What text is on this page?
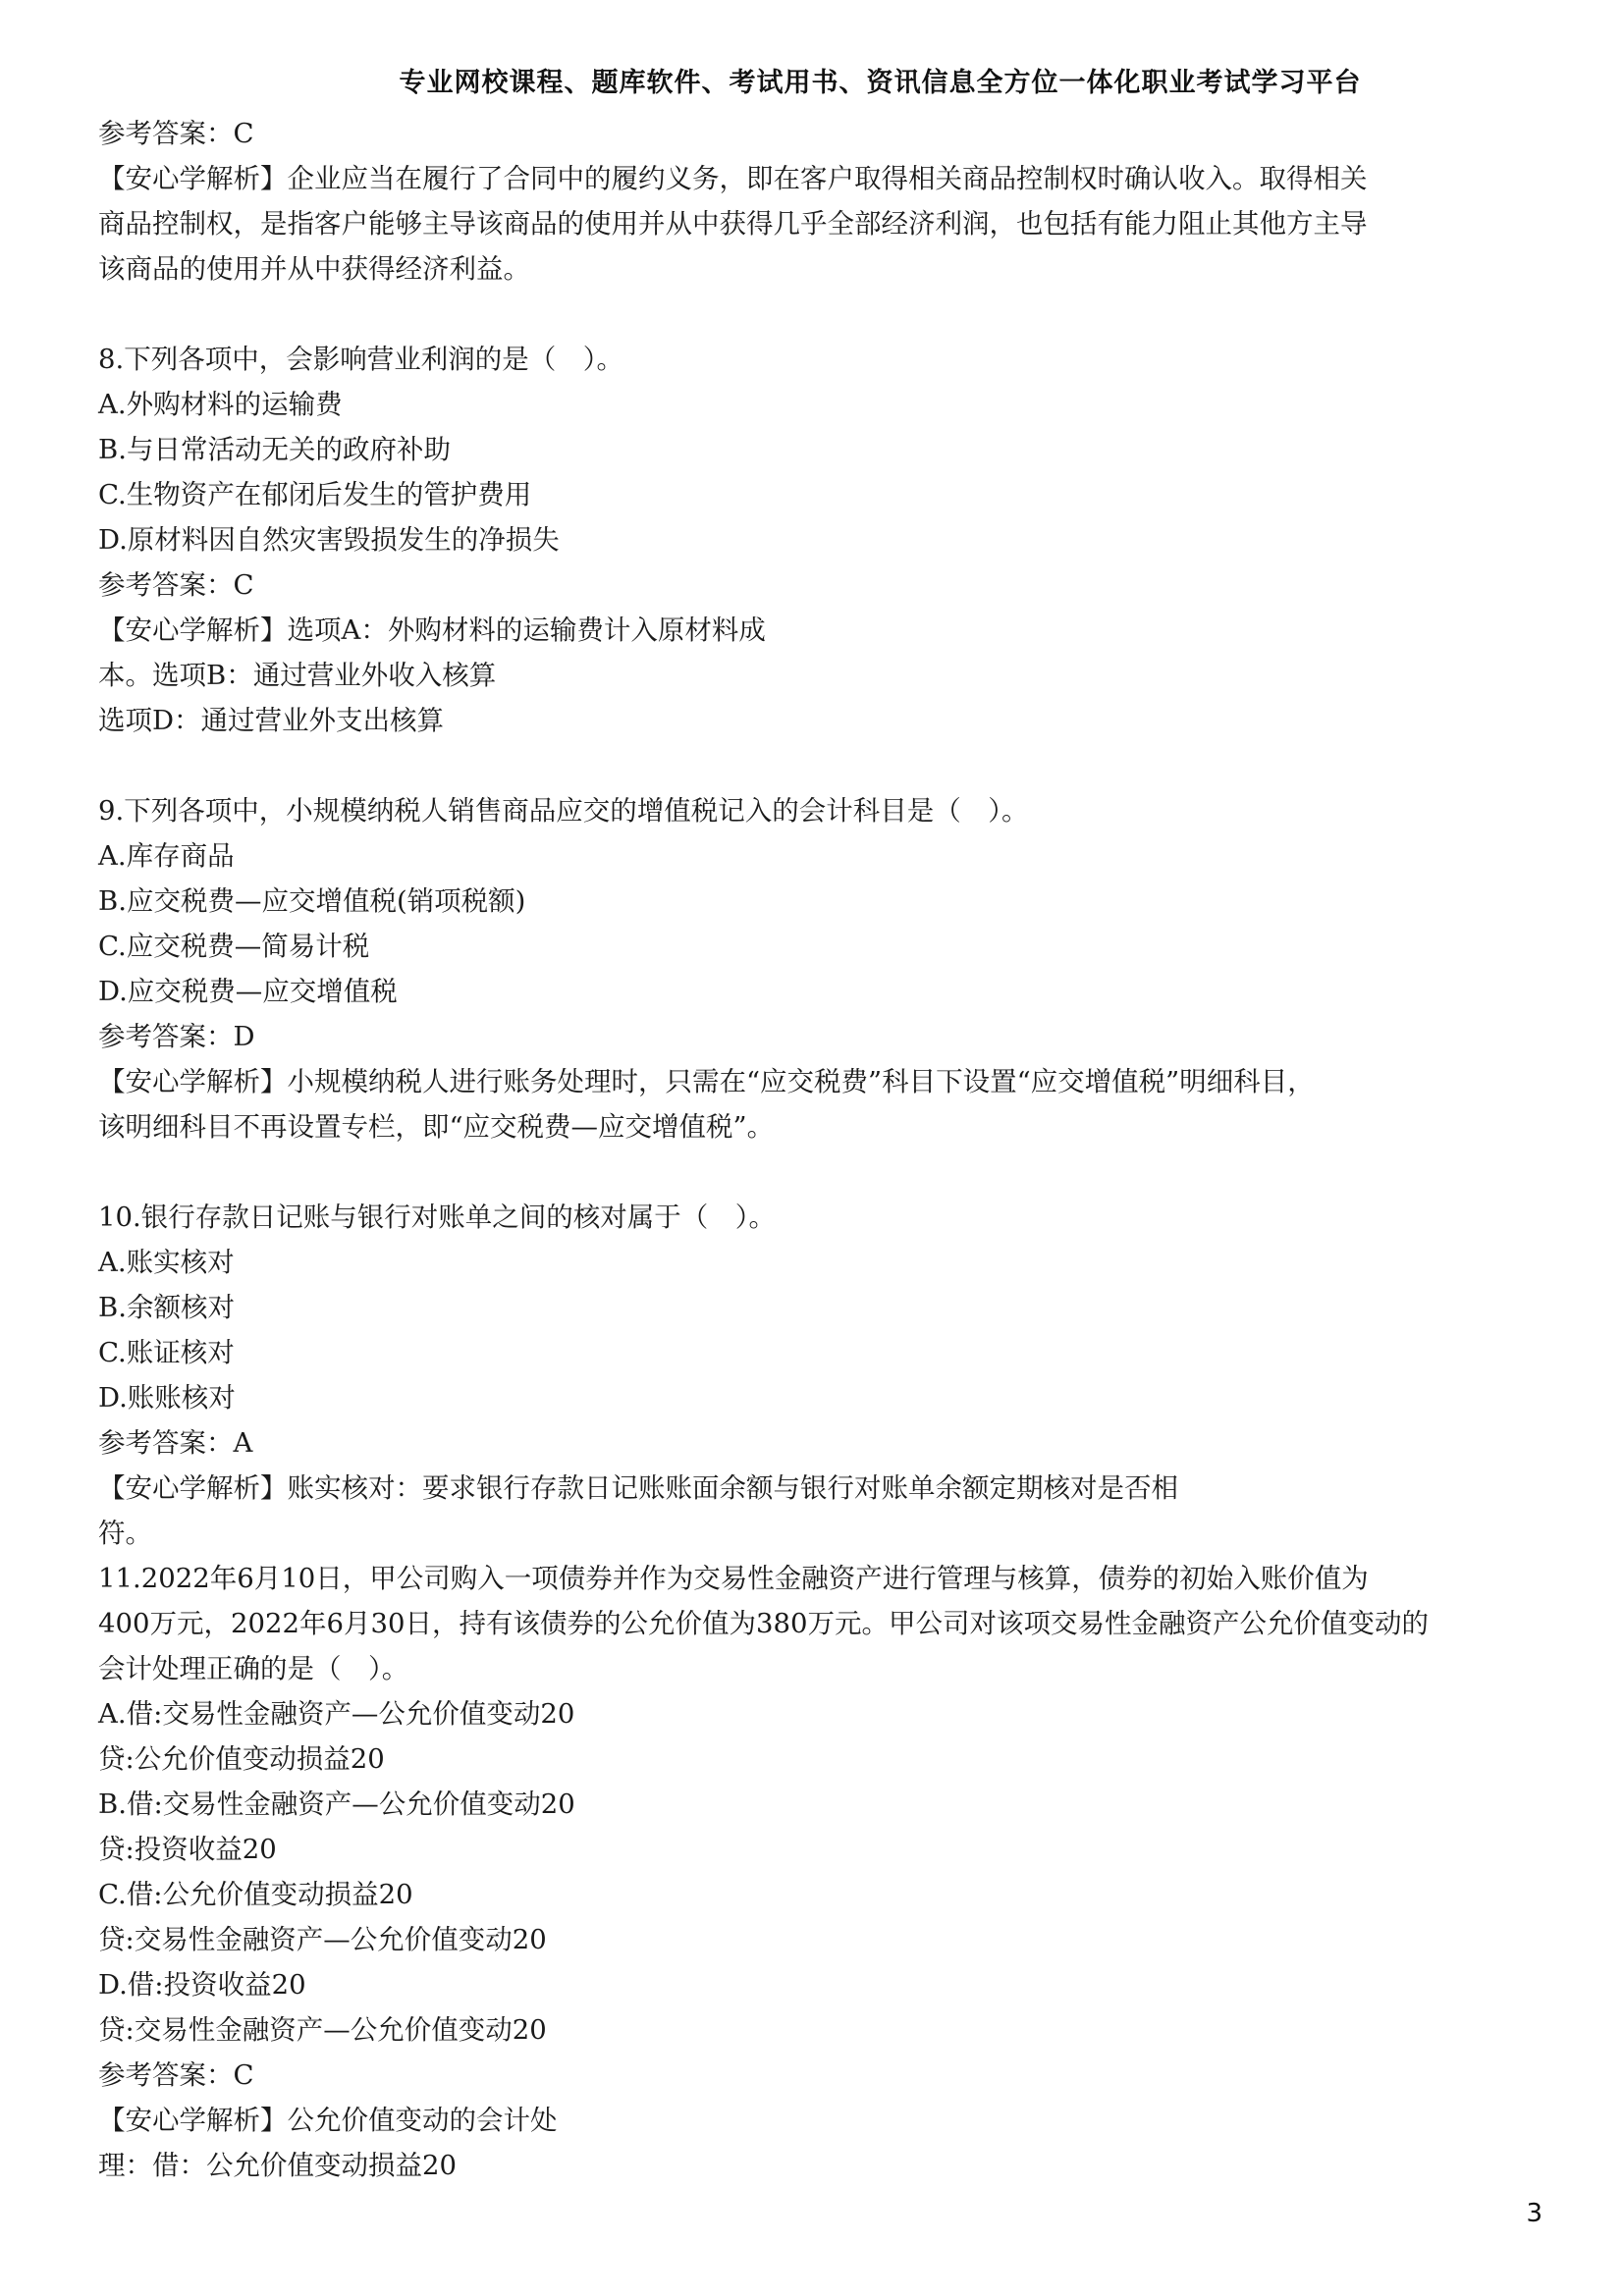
专业网校课程、题库软件、考试用书、资讯信息全方位一体化职业考试学习平台
参考答案：C
【安心学解析】企业应当在履行了合同中的履约义务，即在客户取得相关商品控制权时确认收入。取得相关
商品控制权，是指客户能够主导该商品的使用并从中获得几乎全部经济利润，也包括有能力阻止其他方主导
该商品的使用并从中获得经济利益。
8.下列各项中，会影响营业利润的是（　）。
A.外购材料的运输费
B.与日常活动无关的政府补助
C.生物资产在郁闭后发生的管护费用
D.原材料因自然灾害毁损发生的净损失
参考答案：C
【安心学解析】选项A：外购材料的运输费计入原材料成
本。选项B：通过营业外收入核算
选项D：通过营业外支出核算
9.下列各项中，小规模纳税人销售商品应交的增值税记入的会计科目是（　）。
A.库存商品
B.应交税费—应交增值税(销项税额)
C.应交税费—简易计税
D.应交税费—应交增值税
参考答案：D
【安心学解析】小规模纳税人进行账务处理时，只需在“应交税费”科目下设置“应交增值税”明细科目，
该明细科目不再设置专栏，即“应交税费—应交增值税”。
10.银行存款日记账与银行对账单之间的核对属于（　）。
A.账实核对
B.余额核对
C.账证核对
D.账账核对
参考答案：A
【安心学解析】账实核对：要求银行存款日记账账面余额与银行对账单余额定期核对是否相
符。
11.2022年6月10日，甲公司购入一项债券并作为交易性金融资产进行管理与核算，债券的初始入账价值为
400万元，2022年6月30日，持有该债券的公允价值为380万元。甲公司对该项交易性金融资产公允价值变动的
会计处理正确的是（　）。
A.借:交易性金融资产—公允价值变动20
贷:公允价值变动损益20
B.借:交易性金融资产—公允价值变动20
贷:投资收益20
C.借:公允价值变动损益20
贷:交易性金融资产—公允价值变动20
D.借:投资收益20
贷:交易性金融资产—公允价值变动20
参考答案：C
【安心学解析】公允价值变动的会计处
理：借：公允价值变动损益20
3
